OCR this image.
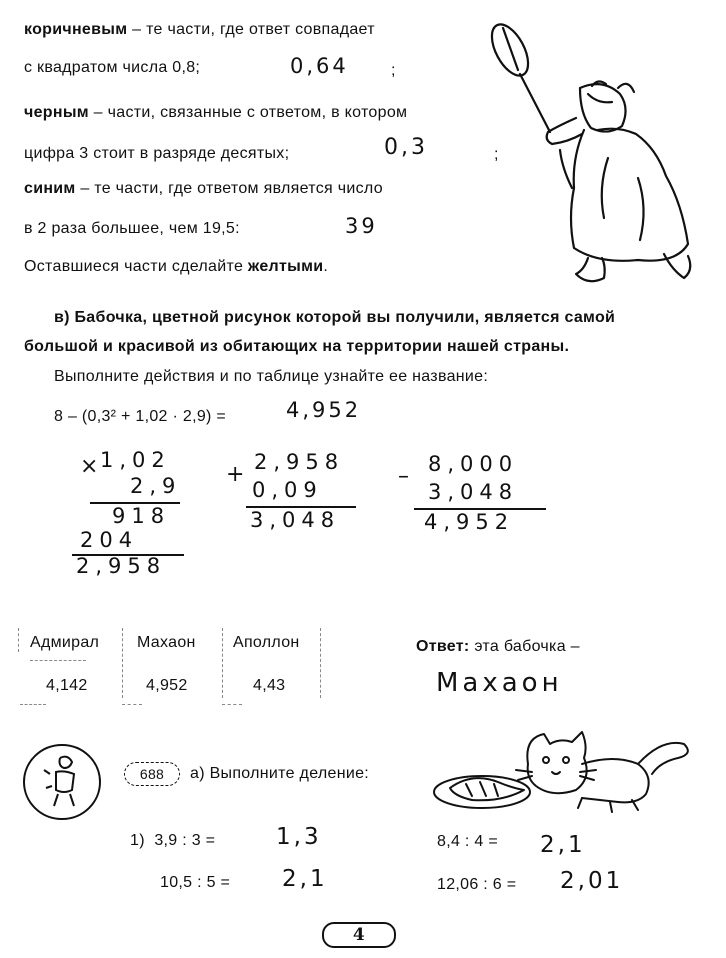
коричневым – те части, где ответ совпадает
с квадратом числа 0,8;	0,64	;
черным – части, связанные с ответом, в котором
цифра 3 стоит в разряде десятых;	0,3	;
синим – те части, где ответом является число
в 2 раза большее, чем 19,5:	39
Оставшиеся части сделайте желтыми.
в) Бабочка, цветной рисунок которой вы получили, является самой
большой и красивой из обитающих на территории нашей страны.
Выполните действия и по таблице узнайте ее название:
8 – (0,3² + 1,02 · 2,9) =	4,952
×
1,02
2,9
918
204
2,958
+ 2,958
0,09
3,048
– 8,000
3,048
4,952
Адмирал Махаон Аполлон
4,142	4,952	4,43
Ответ: эта бабочка –
Махаон
688	а) Выполните деление:
1) 3,9 : 3 =	1,3
10,5 : 5 = 2,1
8,4 : 4 = 2,1
12,06 : 6 = 2,01
4
